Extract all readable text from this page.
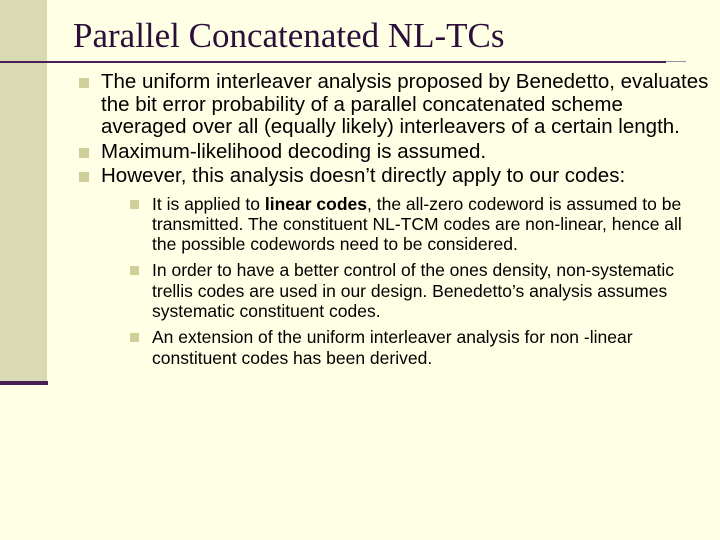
Parallel Concatenated NL-TCs
The uniform interleaver analysis proposed by Benedetto, evaluates the bit error probability of a parallel concatenated scheme averaged over all (equally likely) interleavers of a certain length.
Maximum-likelihood decoding is assumed.
However, this analysis doesn’t directly apply to our codes:
It is applied to linear codes, the all-zero codeword is assumed to be transmitted. The constituent NL-TCM codes are non-linear, hence all the possible codewords need to be considered.
In order to have a better control of the ones density, non-systematic trellis codes are used in our design. Benedetto’s analysis assumes systematic constituent codes.
An extension of the uniform interleaver analysis for non -linear constituent codes has been derived.
